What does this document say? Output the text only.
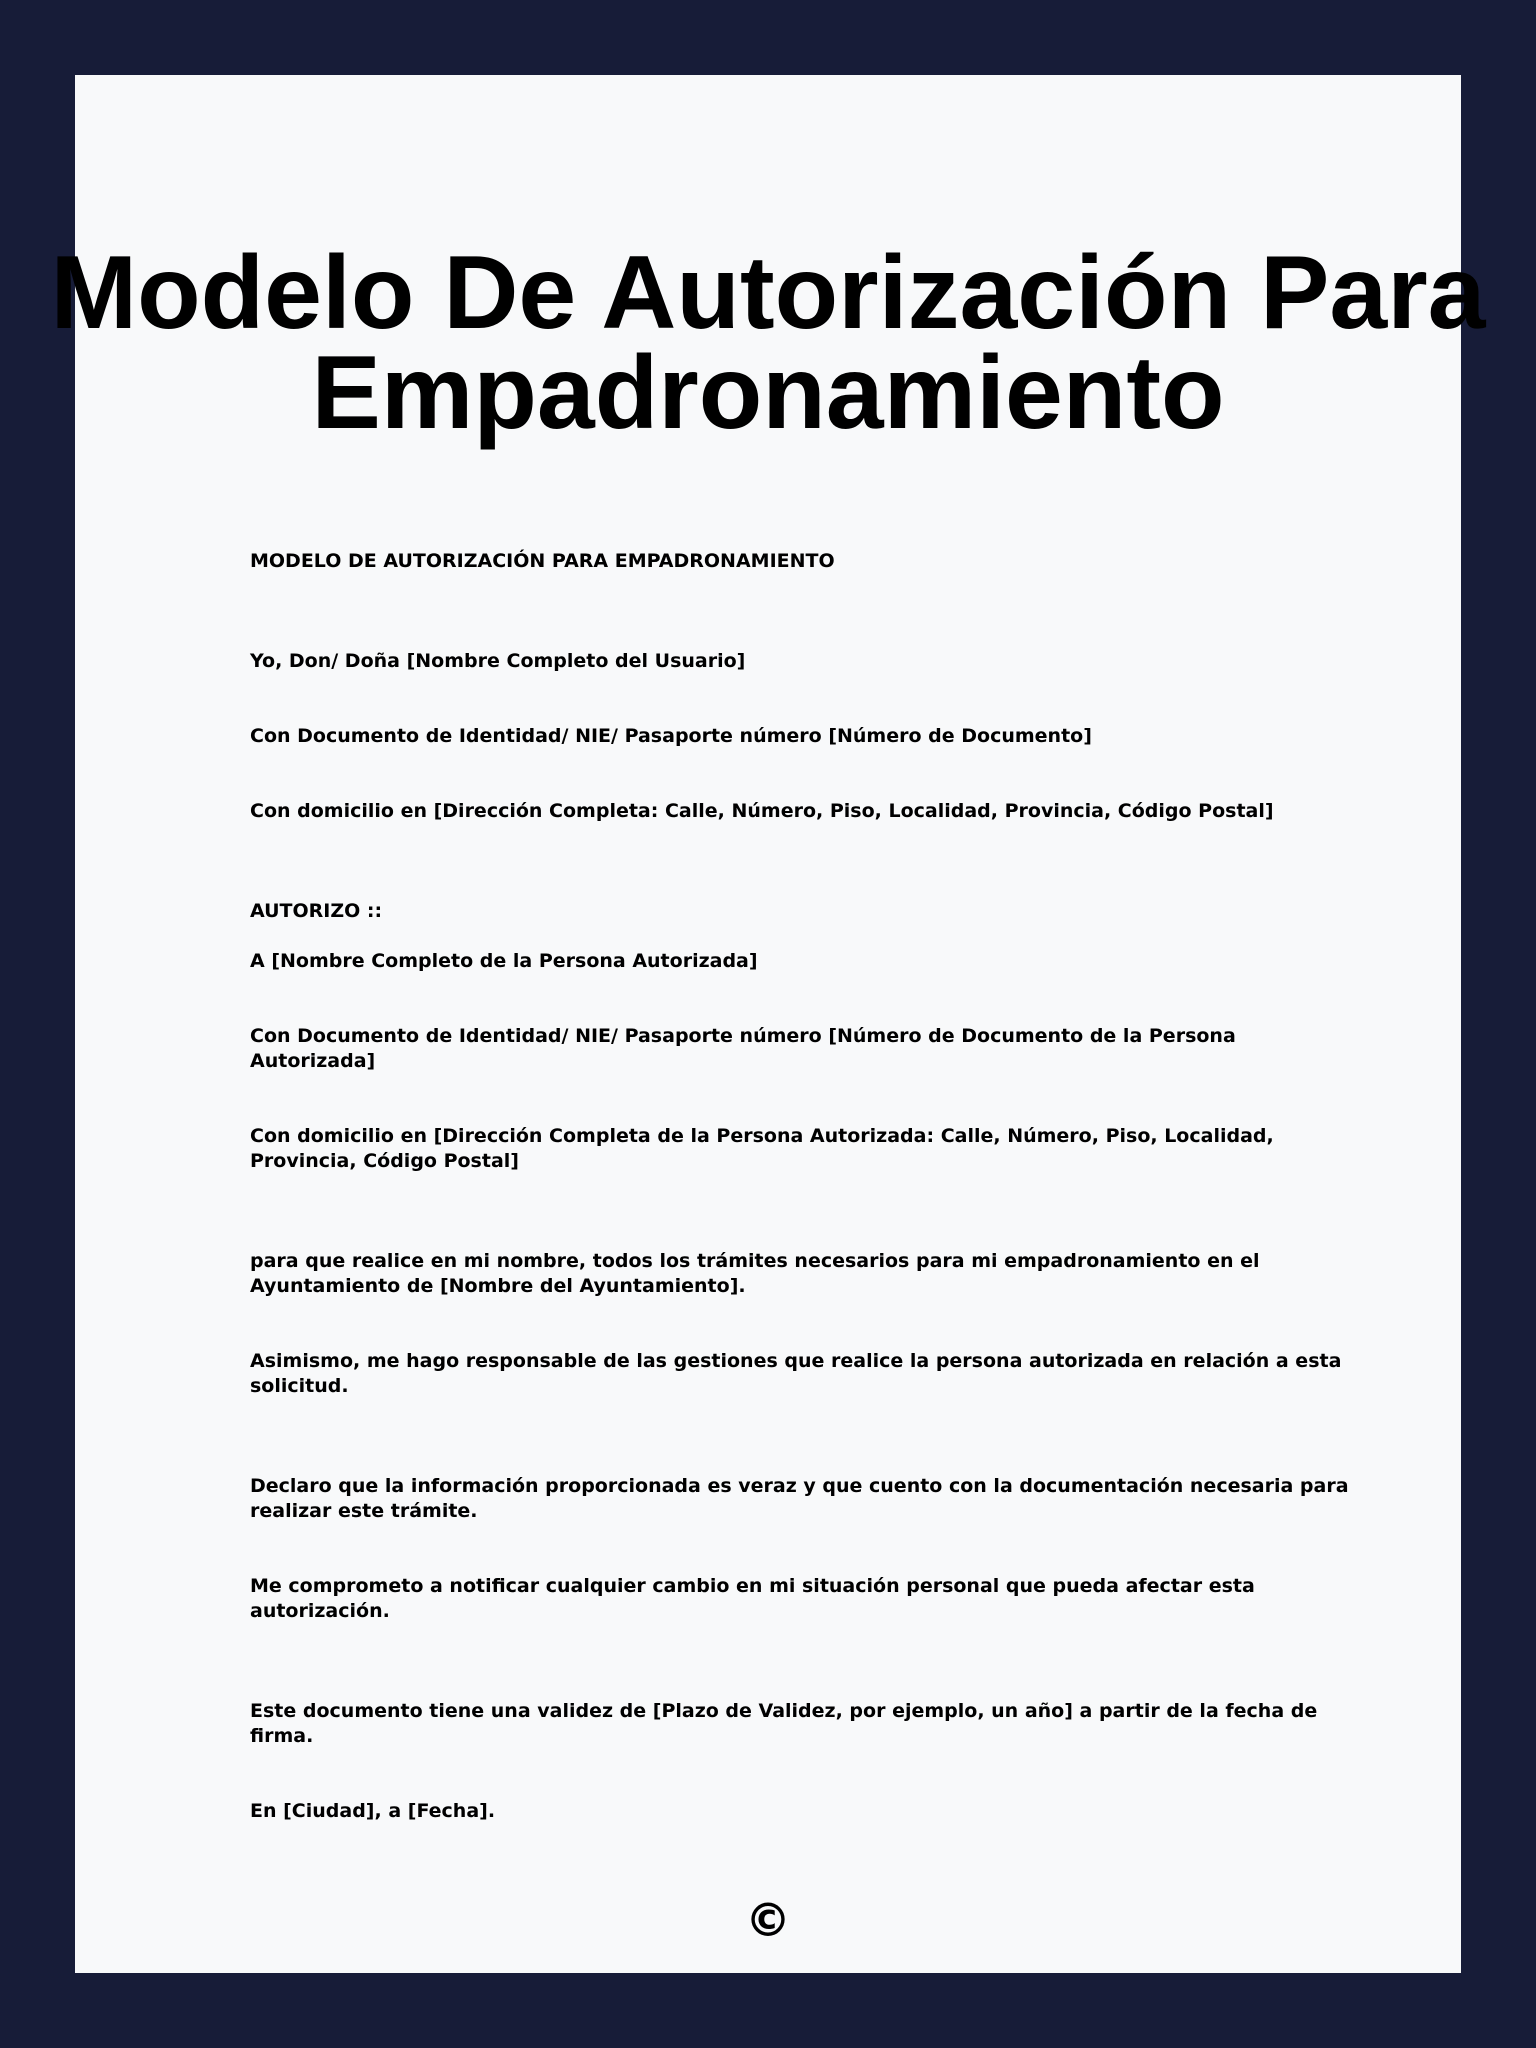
Modelo De Autorización Para Empadronamiento

MODELO DE AUTORIZACIÓN PARA EMPADRONAMIENTO

Yo, Don/ Doña [Nombre Completo del Usuario]

Con Documento de Identidad/ NIE/ Pasaporte número [Número de Documento]

Con domicilio en [Dirección Completa: Calle, Número, Piso, Localidad, Provincia, Código Postal]

AUTORIZO ::

A [Nombre Completo de la Persona Autorizada]

Con Documento de Identidad/ NIE/ Pasaporte número [Número de Documento de la Persona Autorizada]

Con domicilio en [Dirección Completa de la Persona Autorizada: Calle, Número, Piso, Localidad, Provincia, Código Postal]

para que realice en mi nombre, todos los trámites necesarios para mi empadronamiento en el Ayuntamiento de [Nombre del Ayuntamiento].

Asimismo, me hago responsable de las gestiones que realice la persona autorizada en relación a esta solicitud.

Declaro que la información proporcionada es veraz y que cuento con la documentación necesaria para realizar este trámite.

Me comprometo a notificar cualquier cambio en mi situación personal que pueda afectar esta autorización.

Este documento tiene una validez de [Plazo de Validez, por ejemplo, un año] a partir de la fecha de firma.

En [Ciudad], a [Fecha].

©
